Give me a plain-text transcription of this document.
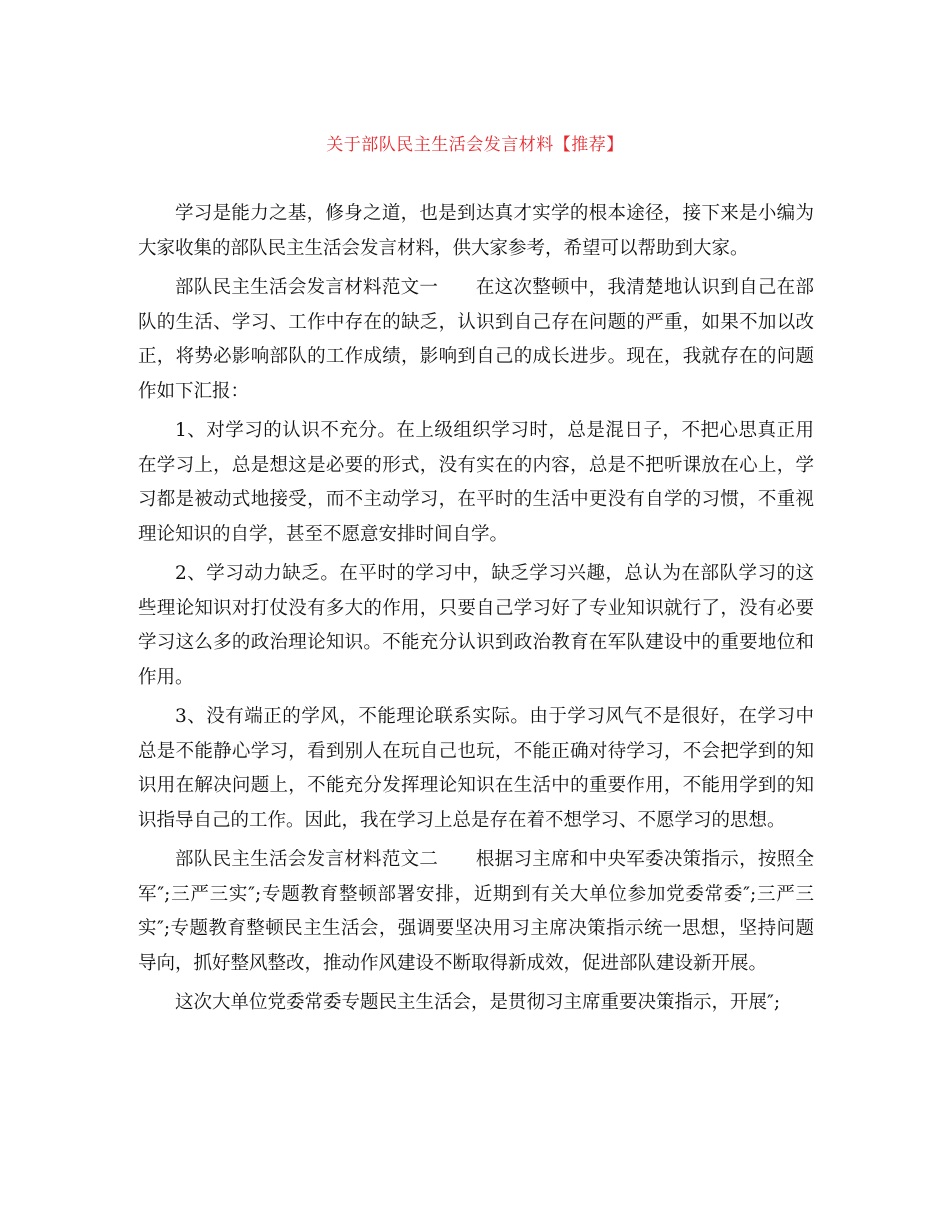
关于部队民主生活会发言材料【推荐】

学习是能力之基，修身之道，也是到达真才实学的根本途径，接下来是小编为大家收集的部队民主生活会发言材料，供大家参考，希望可以帮助到大家。

部队民主生活会发言材料范文一　　在这次整顿中，我清楚地认识到自己在部队的生活、学习、工作中存在的缺乏，认识到自己存在问题的严重，如果不加以改正，将势必影响部队的工作成绩，影响到自己的成长进步。现在，我就存在的问题作如下汇报：

1、对学习的认识不充分。在上级组织学习时，总是混日子，不把心思真正用在学习上，总是想这是必要的形式，没有实在的内容，总是不把听课放在心上，学习都是被动式地接受，而不主动学习，在平时的生活中更没有自学的习惯，不重视理论知识的自学，甚至不愿意安排时间自学。

2、学习动力缺乏。在平时的学习中，缺乏学习兴趣，总认为在部队学习的这些理论知识对打仗没有多大的作用，只要自己学习好了专业知识就行了，没有必要学习这么多的政治理论知识。不能充分认识到政治教育在军队建设中的重要地位和作用。

3、没有端正的学风，不能理论联系实际。由于学习风气不是很好，在学习中总是不能静心学习，看到别人在玩自己也玩，不能正确对待学习，不会把学到的知识用在解决问题上，不能充分发挥理论知识在生活中的重要作用，不能用学到的知识指导自己的工作。因此，我在学习上总是存在着不想学习、不愿学习的思想。

部队民主生活会发言材料范文二　　根据习主席和中央军委决策指示，按照全军″;三严三实″;专题教育整顿部署安排，近期到有关大单位参加党委常委″;三严三实″;专题教育整顿民主生活会，强调要坚决用习主席决策指示统一思想，坚持问题导向，抓好整风整改，推动作风建设不断取得新成效，促进部队建设新开展。

这次大单位党委常委专题民主生活会，是贯彻习主席重要决策指示，开展″;
